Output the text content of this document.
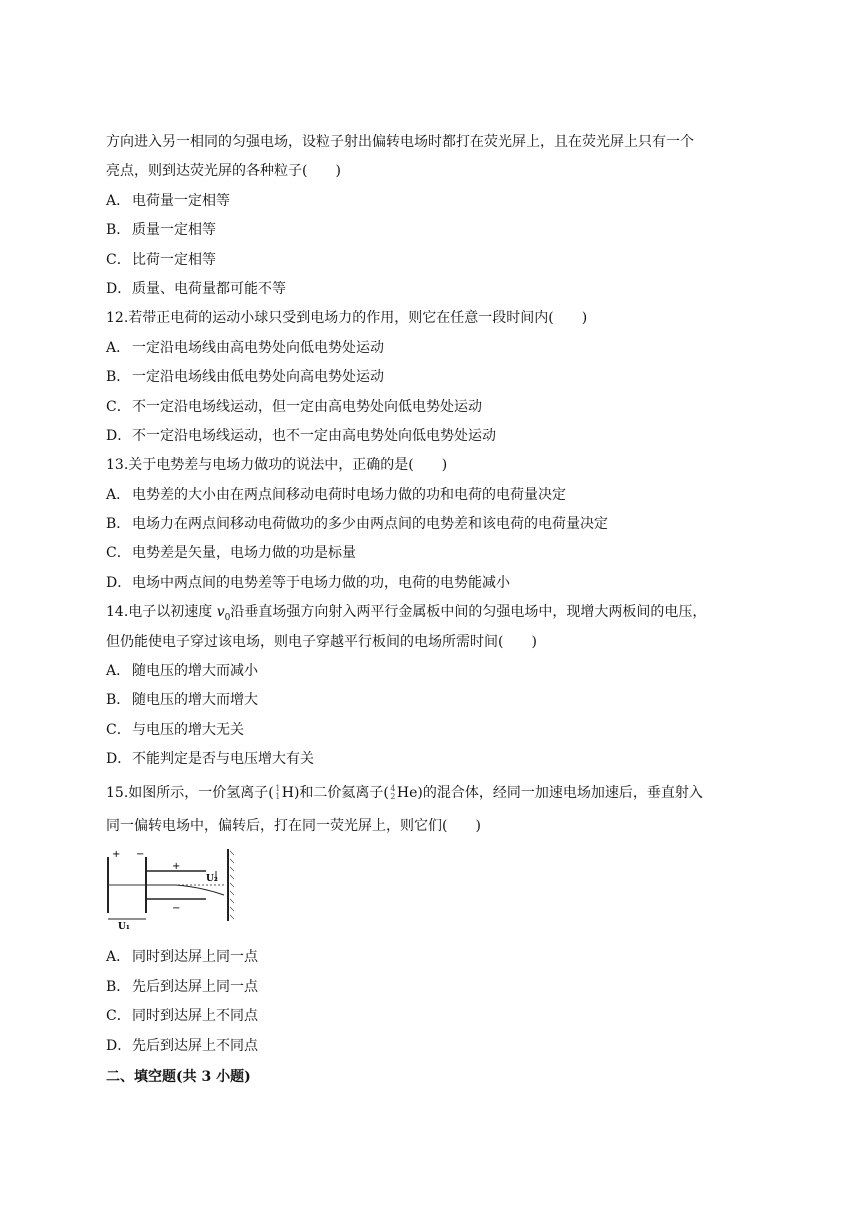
方向进入另一相同的匀强电场，设粒子射出偏转电场时都打在荧光屏上，且在荧光屏上只有一个
亮点，则到达荧光屏的各种粒子(　　)
A． 电荷量一定相等
B． 质量一定相等
C．比荷一定相等
D．质量、电荷量都可能不等
12.若带正电荷的运动小球只受到电场力的作用，则它在任意一段时间内(　　)
A． 一定沿电场线由高电势处向低电势处运动
B． 一定沿电场线由低电势处向高电势处运动
C．不一定沿电场线运动，但一定由高电势处向低电势处运动
D．不一定沿电场线运动，也不一定由高电势处向低电势处运动
13.关于电势差与电场力做功的说法中，正确的是(　　)
A． 电势差的大小由在两点间移动电荷时电场力做的功和电荷的电荷量决定
B． 电场力在两点间移动电荷做功的多少由两点间的电势差和该电荷的电荷量决定
C．电势差是矢量，电场力做的功是标量
D．电场中两点间的电势差等于电场力做的功，电荷的电势能减小
14.电子以初速度 $v_0$沿垂直场强方向射入两平行金属板中间的匀强电场中，现增大两板间的电压，
但仍能使电子穿过该电场，则电子穿越平行板间的电场所需时间(　　)
A． 随电压的增大而减小
B． 随电压的增大而增大
C．与电压的增大无关
D．不能判定是否与电压增大有关
15.如图所示，一价氢离子( 1
1 H)和二价氦离子( 4
2 He)的混合体，经同一加速电场加速后，垂直射入
同一偏转电场中，偏转后，打在同一荧光屏上，则它们(　　)
+ −
+
−
U₁
U₂
A． 同时到达屏上同一点
B． 先后到达屏上同一点
C．同时到达屏上不同点
D．先后到达屏上不同点
二、填空题(共 3 小题)
